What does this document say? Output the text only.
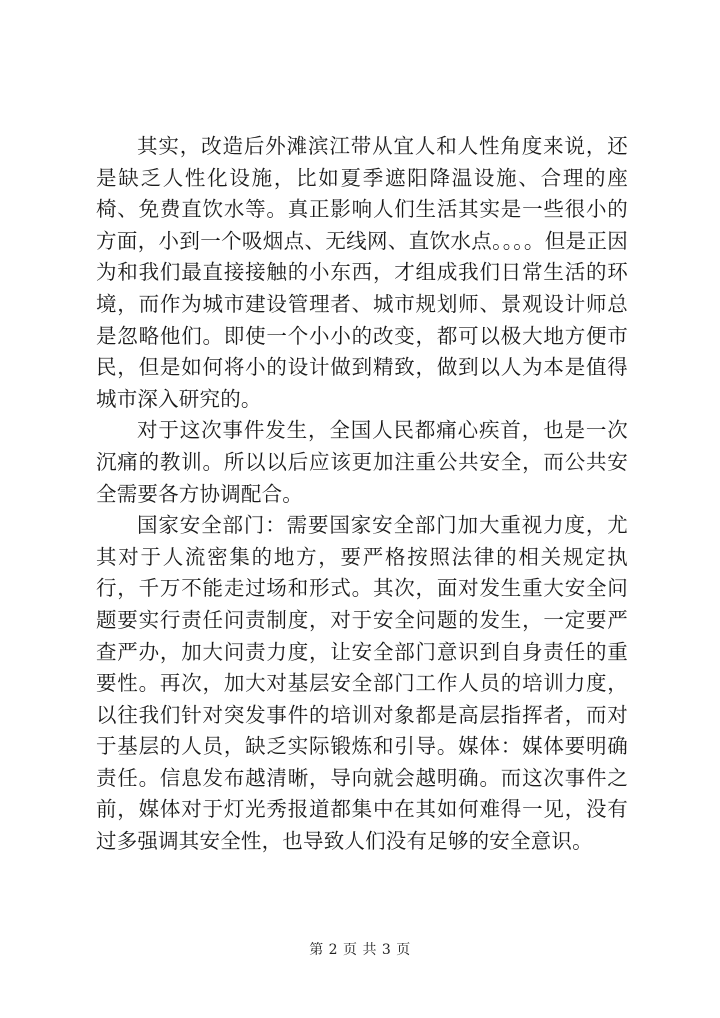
其实，改造后外滩滨江带从宜人和人性角度来说，还是缺乏人性化设施，比如夏季遮阳降温设施、合理的座椅、免费直饮水等。真正影响人们生活其实是一些很小的方面，小到一个吸烟点、无线网、直饮水点。。。。但是正因为和我们最直接接触的小东西，才组成我们日常生活的环境，而作为城市建设管理者、城市规划师、景观设计师总是忽略他们。即使一个小小的改变，都可以极大地方便市民，但是如何将小的设计做到精致，做到以人为本是值得城市深入研究的。

对于这次事件发生，全国人民都痛心疾首，也是一次沉痛的教训。所以以后应该更加注重公共安全，而公共安全需要各方协调配合。

国家安全部门：需要国家安全部门加大重视力度，尤其对于人流密集的地方，要严格按照法律的相关规定执行，千万不能走过场和形式。其次，面对发生重大安全问题要实行责任问责制度，对于安全问题的发生，一定要严查严办，加大问责力度，让安全部门意识到自身责任的重要性。再次，加大对基层安全部门工作人员的培训力度，以往我们针对突发事件的培训对象都是高层指挥者，而对于基层的人员，缺乏实际锻炼和引导。媒体：媒体要明确责任。信息发布越清晰，导向就会越明确。而这次事件之前，媒体对于灯光秀报道都集中在其如何难得一见，没有过多强调其安全性，也导致人们没有足够的安全意识。

第 2 页 共 3 页
